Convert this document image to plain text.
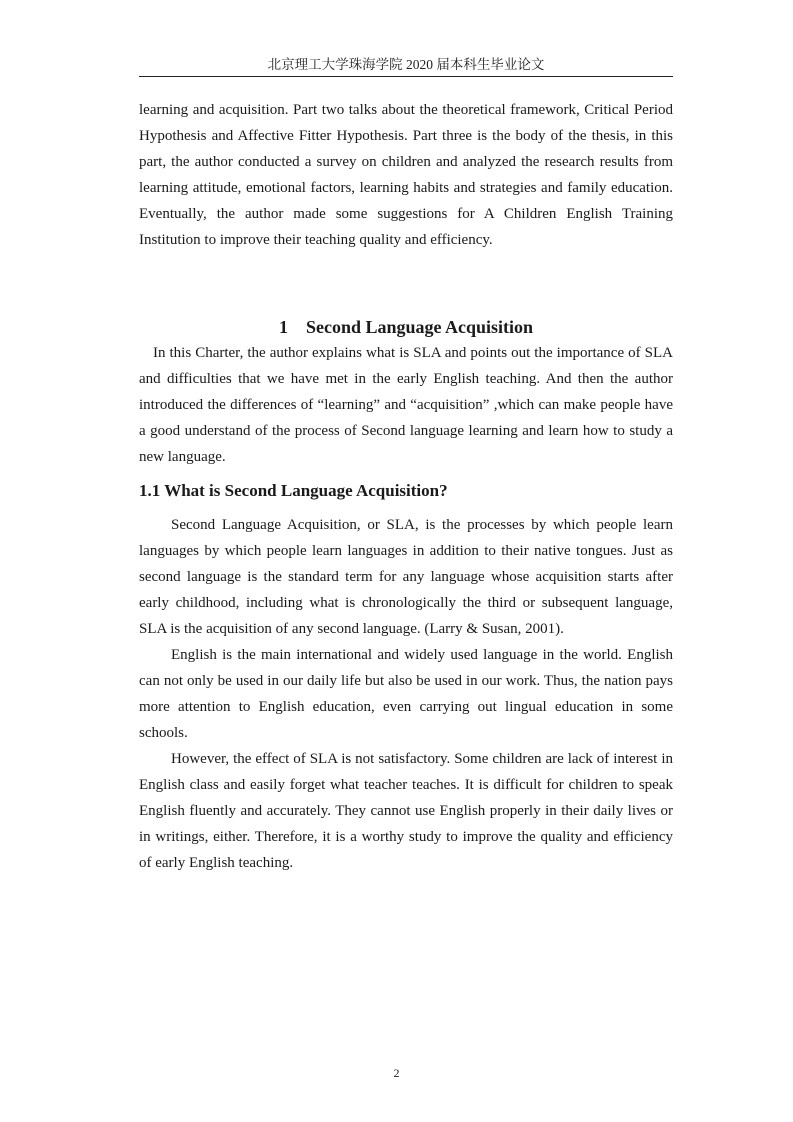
北京理工大学珠海学院 2020 届本科生毕业论文

learning and acquisition. Part two talks about the theoretical framework, Critical Period Hypothesis and Affective Fitter Hypothesis. Part three is the body of the thesis, in this part, the author conducted a survey on children and analyzed the research results from learning attitude, emotional factors, learning habits and strategies and family education. Eventually, the author made some suggestions for A Children English Training Institution to improve their teaching quality and efficiency.

1 Second Language Acquisition

In this Charter, the author explains what is SLA and points out the importance of SLA and difficulties that we have met in the early English teaching. And then the author introduced the differences of “learning” and “acquisition” ,which can make people have a good understand of the process of Second language learning and learn how to study a new language.

1.1 What is Second Language Acquisition?

Second Language Acquisition, or SLA, is the processes by which people learn languages by which people learn languages in addition to their native tongues. Just as second language is the standard term for any language whose acquisition starts after early childhood, including what is chronologically the third or subsequent language, SLA is the acquisition of any second language. (Larry & Susan, 2001).

English is the main international and widely used language in the world. English can not only be used in our daily life but also be used in our work. Thus, the nation pays more attention to English education, even carrying out lingual education in some schools.

However, the effect of SLA is not satisfactory. Some children are lack of interest in English class and easily forget what teacher teaches. It is difficult for children to speak English fluently and accurately. They cannot use English properly in their daily lives or in writings, either. Therefore, it is a worthy study to improve the quality and efficiency of early English teaching.

2
